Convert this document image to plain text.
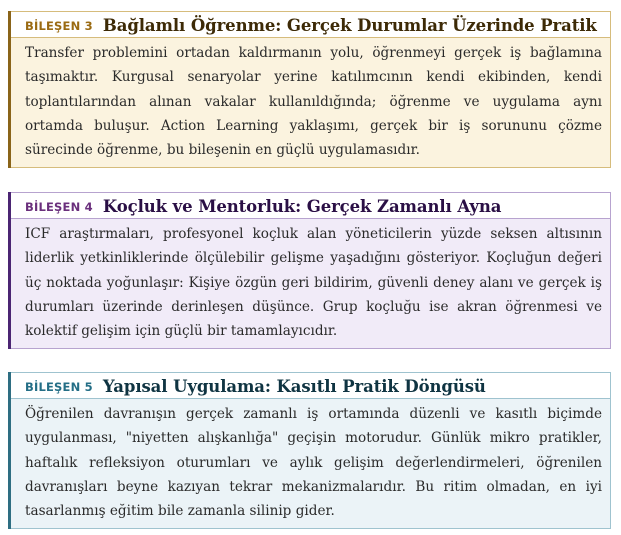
BİLEŞEN 3 Bağlamlı Öğrenme: Gerçek Durumlar Üzerinde Pratik
Transfer problemini ortadan kaldırmanın yolu, öğrenmeyi gerçek iş bağlamına taşımaktır. Kurgusal senaryolar yerine katılımcının kendi ekibinden, kendi toplantılarından alınan vakalar kullanıldığında; öğrenme ve uygulama aynı ortamda buluşur. Action Learning yaklaşımı, gerçek bir iş sorununu çözme sürecinde öğrenme, bu bileşenin en güçlü uygulamasıdır.
BİLEŞEN 4 Koçluk ve Mentorluk: Gerçek Zamanlı Ayna
ICF araştırmaları, profesyonel koçluk alan yöneticilerin yüzde seksen altısının liderlik yetkinliklerinde ölçülebilir gelişme yaşadığını gösteriyor. Koçluğun değeri üç noktada yoğunlaşır: Kişiye özgün geri bildirim, güvenli deney alanı ve gerçek iş durumları üzerinde derinleşen düşünce. Grup koçluğu ise akran öğrenmesi ve kolektif gelişim için güçlü bir tamamlayıcıdır.
BİLEŞEN 5 Yapısal Uygulama: Kasıtlı Pratik Döngüsü
Öğrenilen davranışın gerçek zamanlı iş ortamında düzenli ve kasıtlı biçimde uygulanması, "niyetten alışkanlığa" geçişin motorudur. Günlük mikro pratikler, haftalık refleksiyon oturumları ve aylık gelişim değerlendirmeleri, öğrenilen davranışları beyne kazıyan tekrar mekanizmalarıdır. Bu ritim olmadan, en iyi tasarlanmış eğitim bile zamanla silinip gider.
